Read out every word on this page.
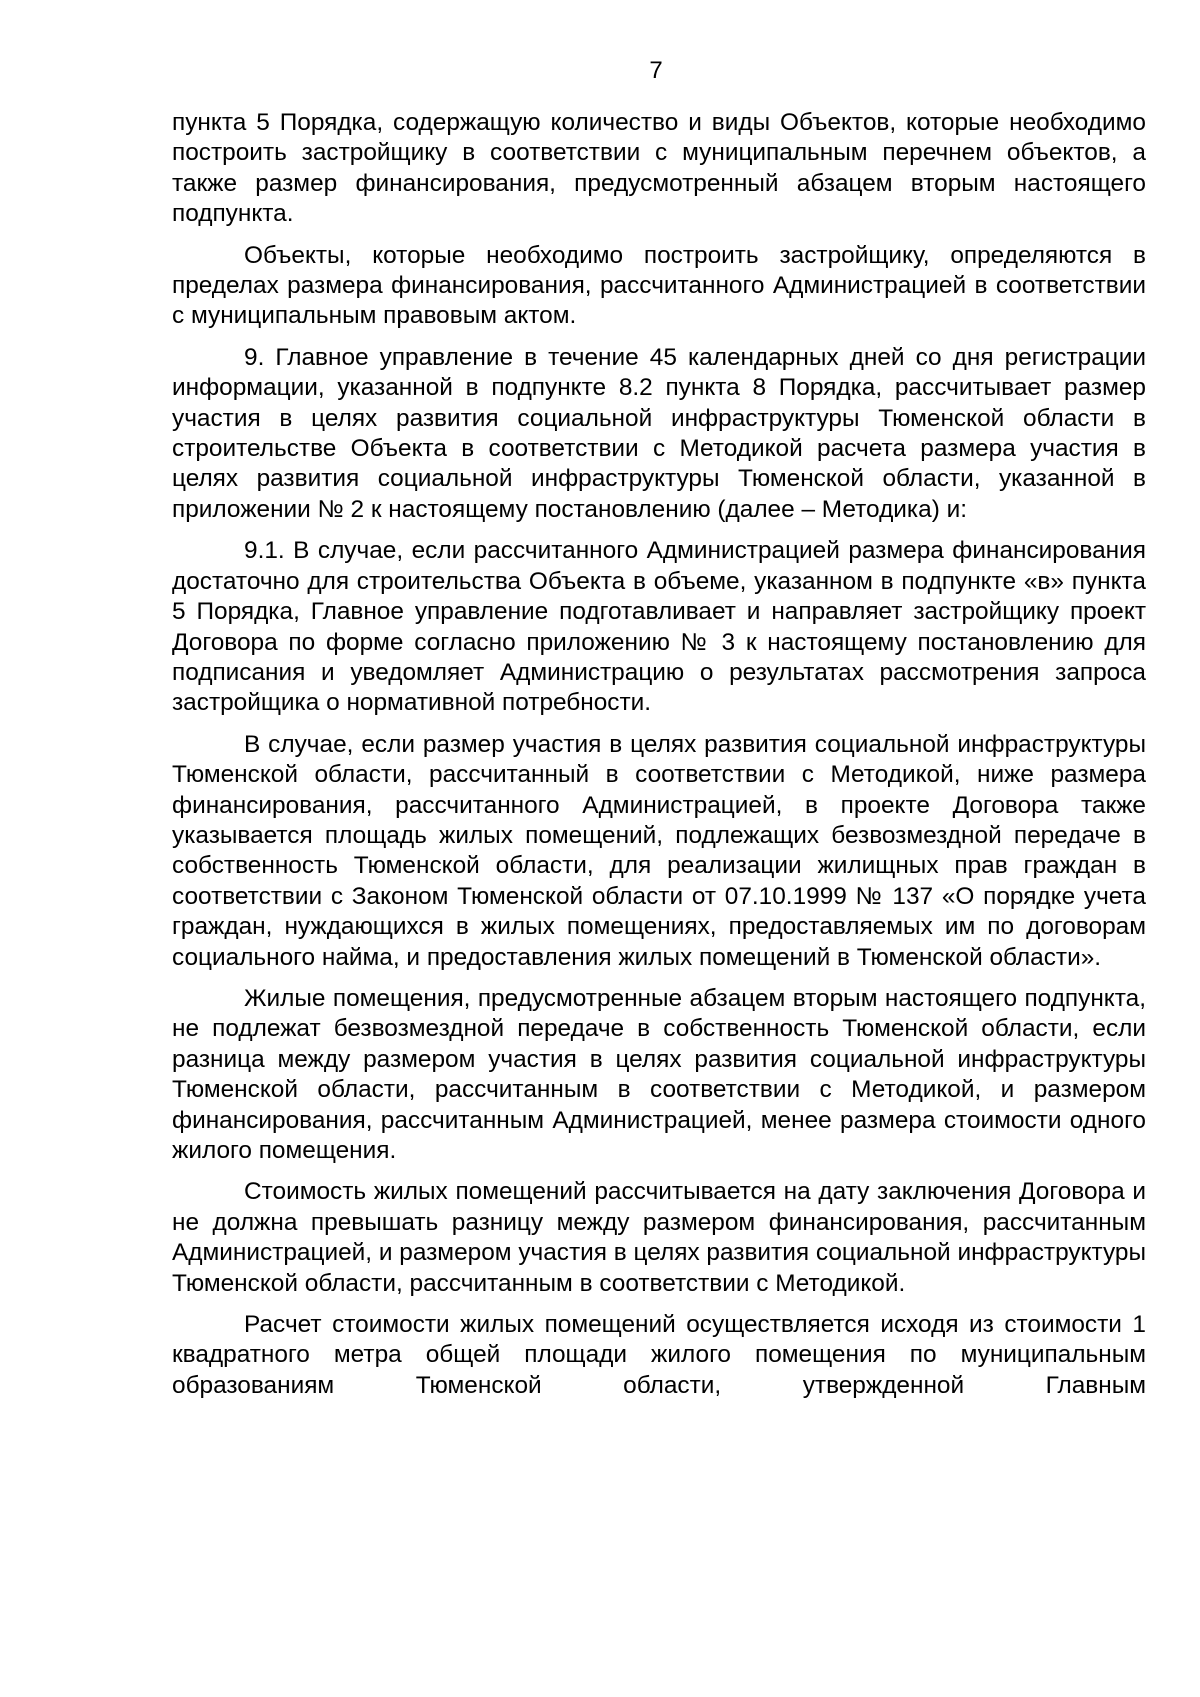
7

пункта 5 Порядка, содержащую количество и виды Объектов, которые необходимо построить застройщику в соответствии с муниципальным перечнем объектов, а также размер финансирования, предусмотренный абзацем вторым настоящего подпункта.

Объекты, которые необходимо построить застройщику, определяются в пределах размера финансирования, рассчитанного Администрацией в соответствии с муниципальным правовым актом.

9. Главное управление в течение 45 календарных дней со дня регистрации информации, указанной в подпункте 8.2 пункта 8 Порядка, рассчитывает размер участия в целях развития социальной инфраструктуры Тюменской области в строительстве Объекта в соответствии с Методикой расчета размера участия в целях развития социальной инфраструктуры Тюменской области, указанной в приложении № 2 к настоящему постановлению (далее – Методика) и:

9.1. В случае, если рассчитанного Администрацией размера финансирования достаточно для строительства Объекта в объеме, указанном в подпункте «в» пункта 5 Порядка, Главное управление подготавливает и направляет застройщику проект Договора по форме согласно приложению № 3 к настоящему постановлению для подписания и уведомляет Администрацию о результатах рассмотрения запроса застройщика о нормативной потребности.

В случае, если размер участия в целях развития социальной инфраструктуры Тюменской области, рассчитанный в соответствии с Методикой, ниже размера финансирования, рассчитанного Администрацией, в проекте Договора также указывается площадь жилых помещений, подлежащих безвозмездной передаче в собственность Тюменской области, для реализации жилищных прав граждан в соответствии с Законом Тюменской области от 07.10.1999 № 137 «О порядке учета граждан, нуждающихся в жилых помещениях, предоставляемых им по договорам социального найма, и предоставления жилых помещений в Тюменской области».

Жилые помещения, предусмотренные абзацем вторым настоящего подпункта, не подлежат безвозмездной передаче в собственность Тюменской области, если разница между размером участия в целях развития социальной инфраструктуры Тюменской области, рассчитанным в соответствии с Методикой, и размером финансирования, рассчитанным Администрацией, менее размера стоимости одного жилого помещения.

Стоимость жилых помещений рассчитывается на дату заключения Договора и не должна превышать разницу между размером финансирования, рассчитанным Администрацией, и размером участия в целях развития социальной инфраструктуры Тюменской области, рассчитанным в соответствии с Методикой.

Расчет стоимости жилых помещений осуществляется исходя из стоимости 1 квадратного метра общей площади жилого помещения по муниципальным образованиям Тюменской области, утвержденной Главным
